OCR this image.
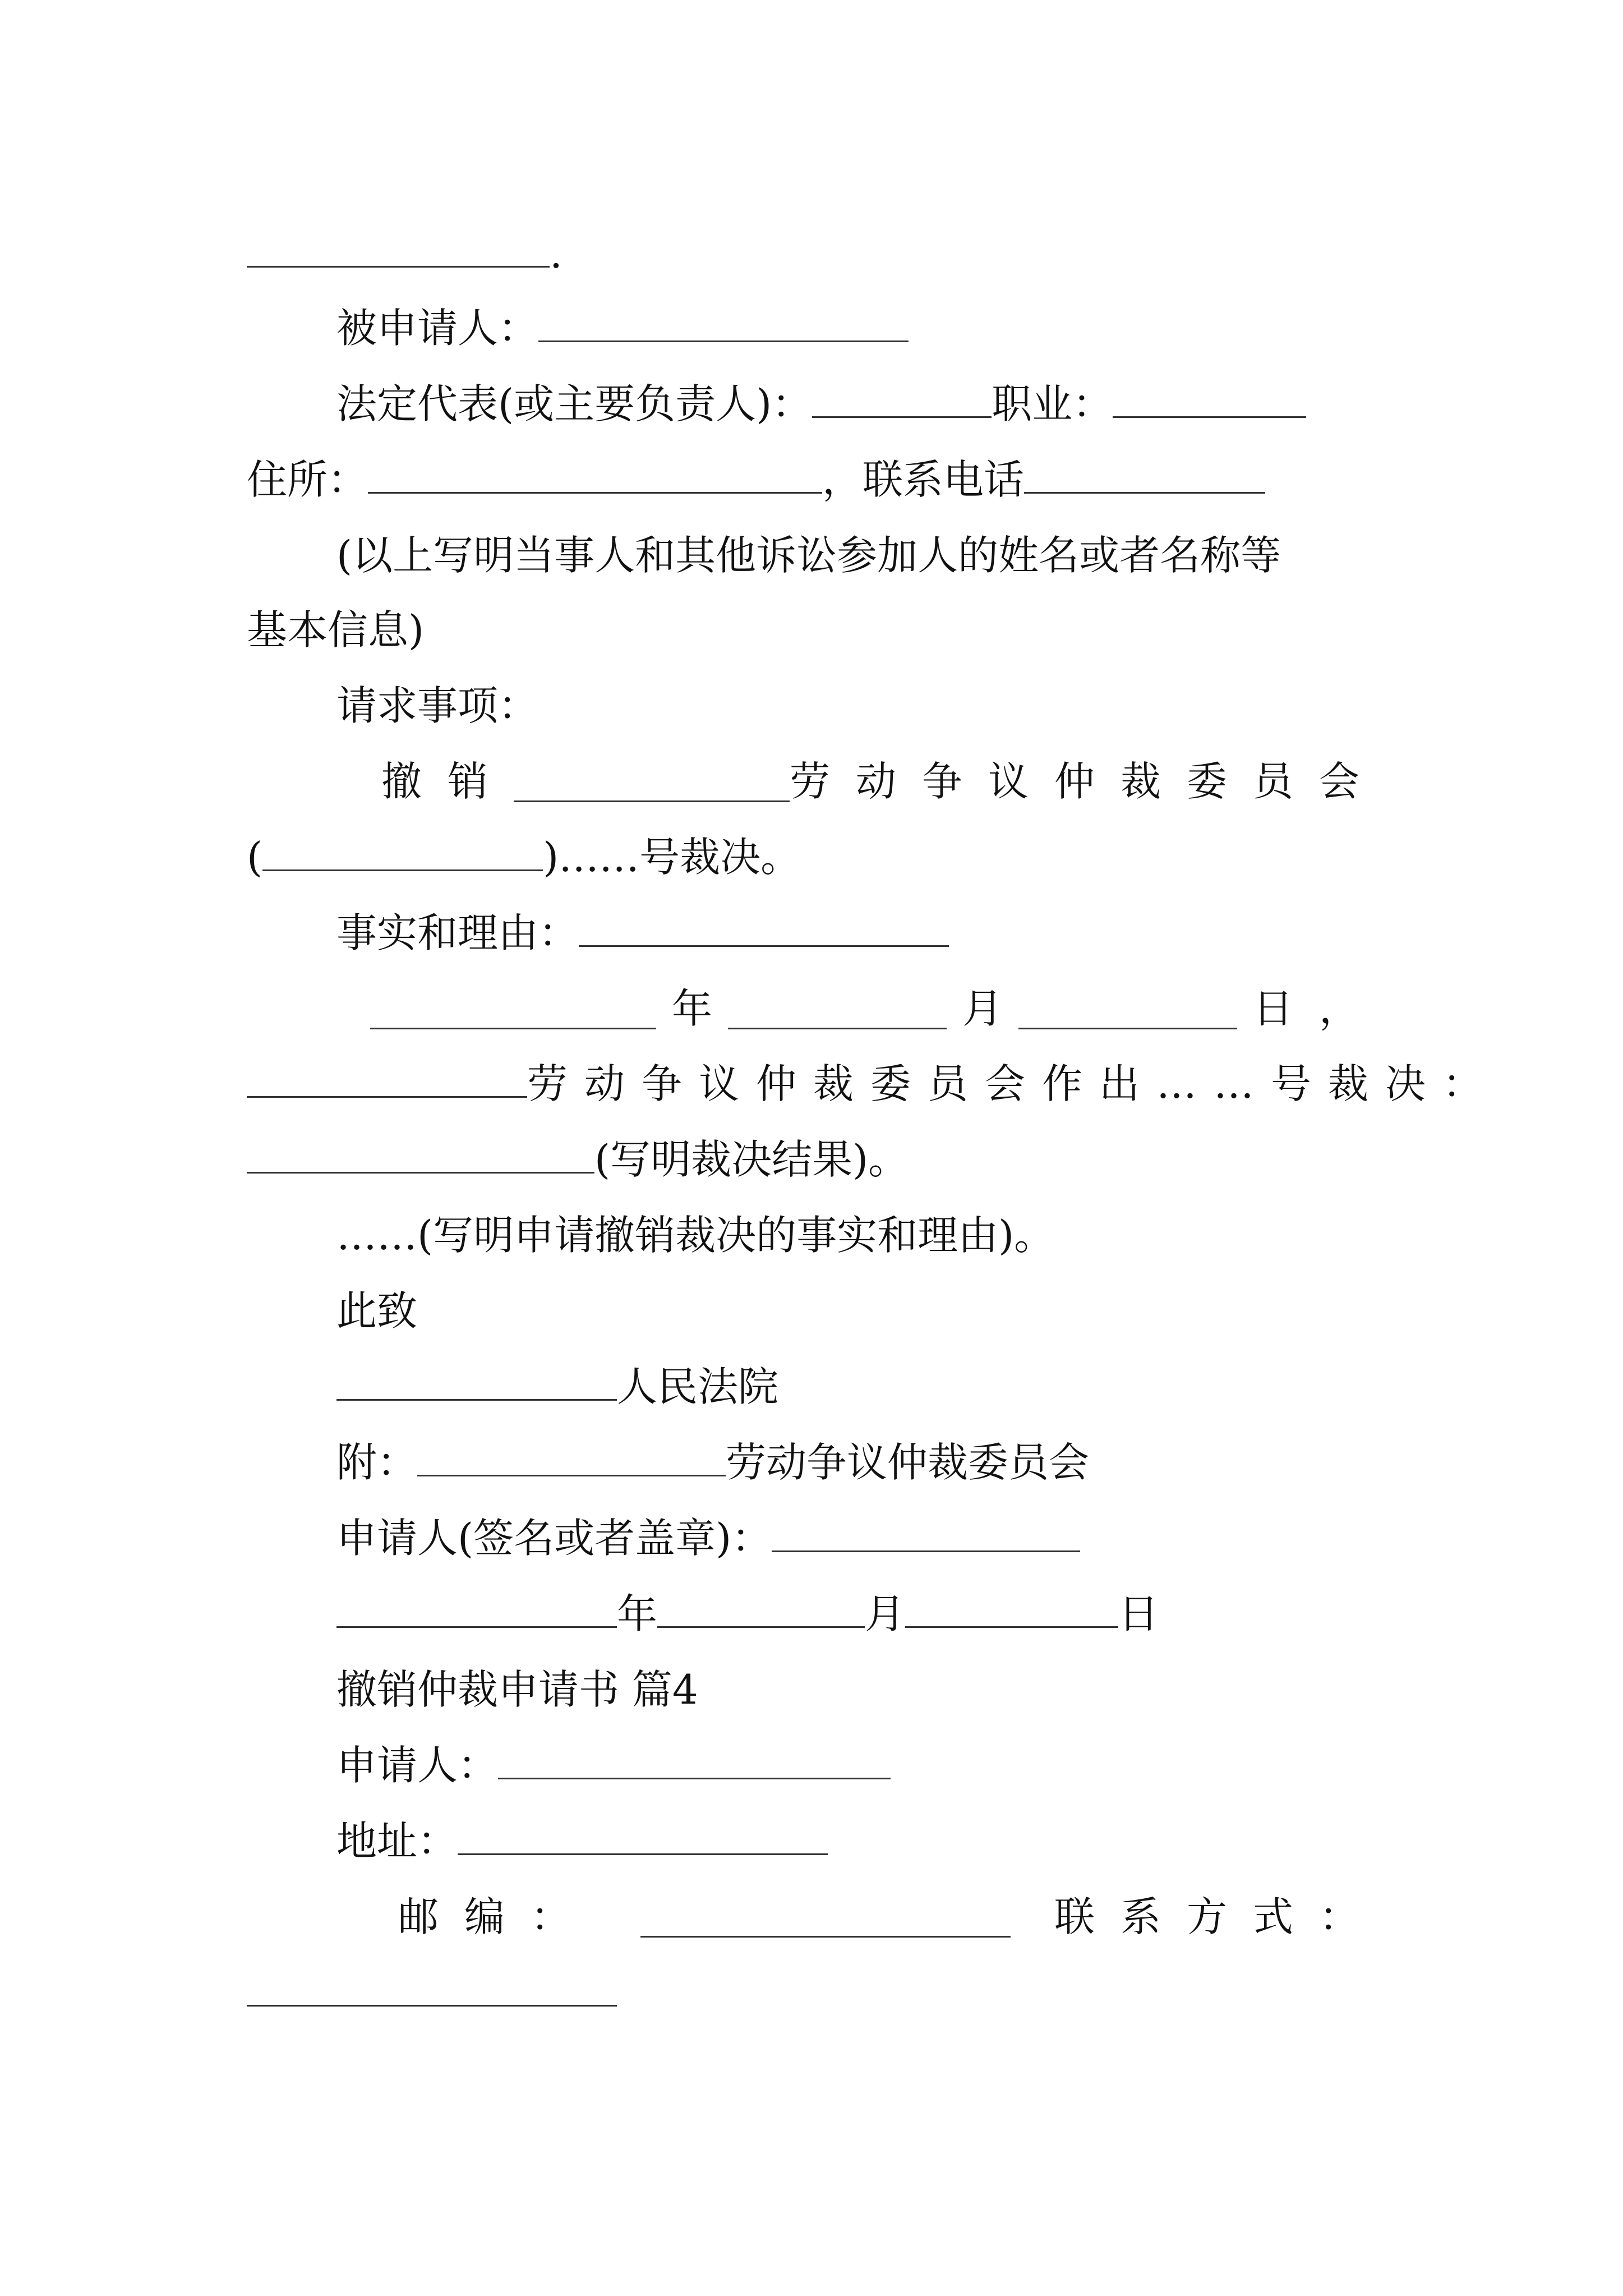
.
被申请人：
法定代表(或主要负责人)：	职业：
住所：	，联系电话
(以上写明当事人和其他诉讼参加人的姓名或者名称等
基本信息)
请求事项：
撤销	劳动争议仲裁委员会
(	)……号裁决。
事实和理由：
年	月	日，
劳动争议仲裁委员会作出……号裁决：
(写明裁决结果)。
……(写明申请撤销裁决的事实和理由)。
此致
人民法院
附：	劳动争议仲裁委员会
申请人(签名或者盖章)：
年	月	日
撤销仲裁申请书 篇4
申请人：
地址：
邮编：	联系方式：
